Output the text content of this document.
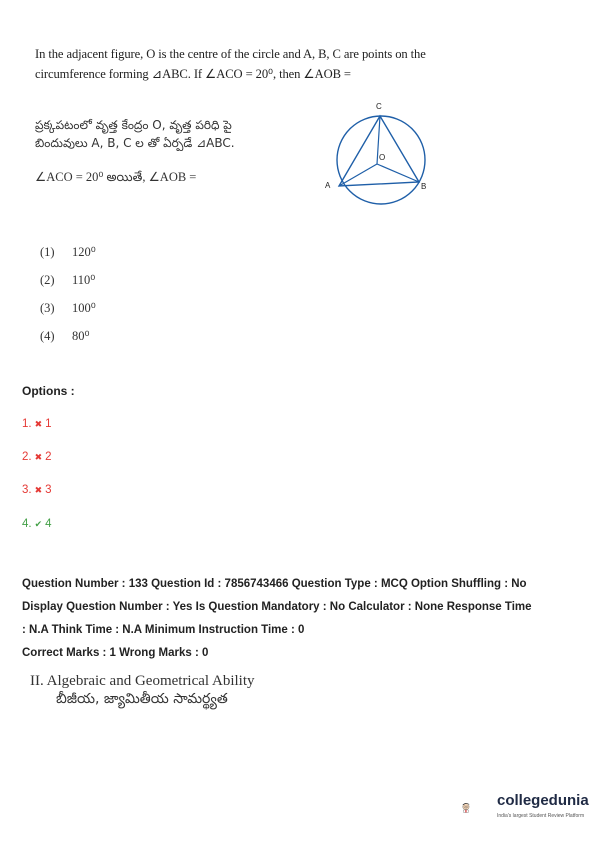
In the adjacent figure, O is the centre of the circle and A, B, C are points on the
circumference forming ⊿ABC. If ∠ACO = 20⁰, then ∠AOB =
ప్రక్కపటంలో వృత్త కేంద్రం O, వృత్త పరిధి పై
బిందువులు A, B, C ల తో ఏర్పడే ⊿ABC.
∠ACO = 20⁰ అయితే, ∠AOB =
C
O
A	B
(1) 120⁰
(2) 110⁰
(3) 100⁰
(4) 80⁰
Options :
1. ✖ 1
2. ✖ 2
3. ✖ 3
4. ✔ 4
Question Number : 133 Question Id : 7856743466 Question Type : MCQ Option Shuffling : No
Display Question Number : Yes Is Question Mandatory : No Calculator : None Response Time
: N.A Think Time : N.A Minimum Instruction Time : 0
Correct Marks : 1 Wrong Marks : 0
II. Algebraic and Geometrical Ability
బీజీయ, జ్యామితీయ సామర్థ్యత
collegedunia
India's largest Student Review Platform
